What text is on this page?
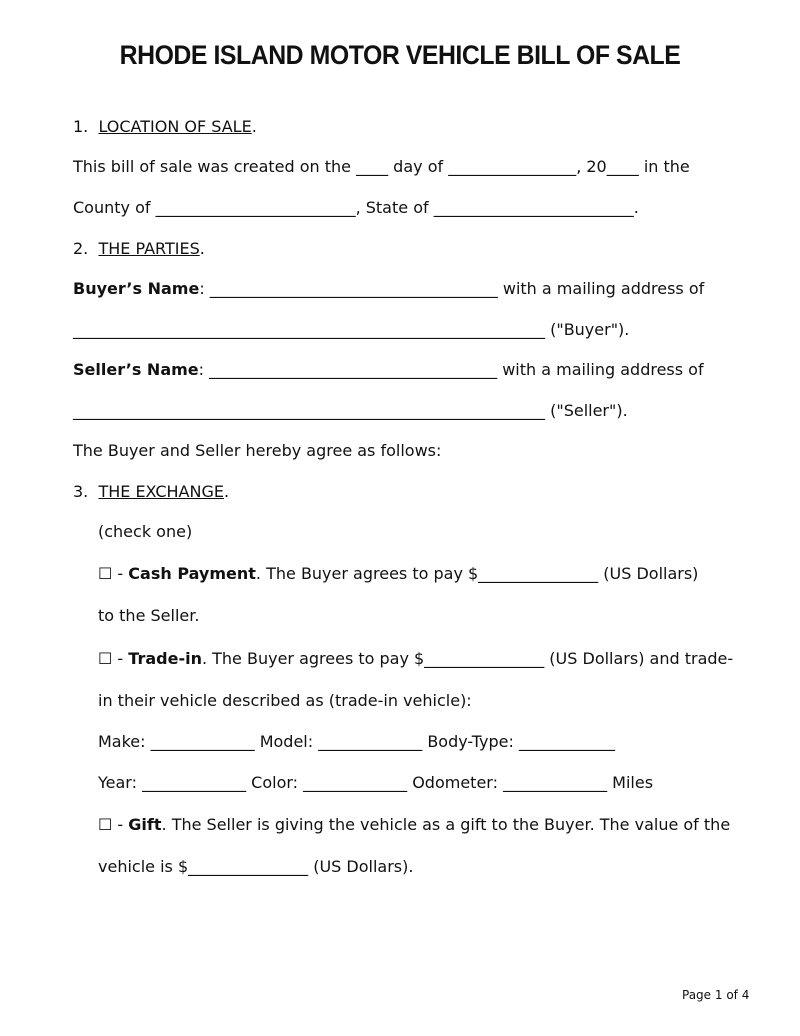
RHODE ISLAND MOTOR VEHICLE BILL OF SALE
1. LOCATION OF SALE.
This bill of sale was created on the ____ day of ________________, 20____ in the
County of _________________________, State of _________________________.
2. THE PARTIES.
Buyer’s Name: ____________________________________ with a mailing address of
___________________________________________________________ ("Buyer").
Seller’s Name: ____________________________________ with a mailing address of
___________________________________________________________ ("Seller").
The Buyer and Seller hereby agree as follows:
3. THE EXCHANGE.
(check one)
☐ - Cash Payment. The Buyer agrees to pay $_______________ (US Dollars)
to the Seller.
☐ - Trade-in. The Buyer agrees to pay $_______________ (US Dollars) and trade-
in their vehicle described as (trade-in vehicle):
Make: _____________ Model: _____________ Body-Type: ____________
Year: _____________ Color: _____________ Odometer: _____________ Miles
☐ - Gift. The Seller is giving the vehicle as a gift to the Buyer. The value of the
vehicle is $_______________ (US Dollars).
Page 1 of 4
